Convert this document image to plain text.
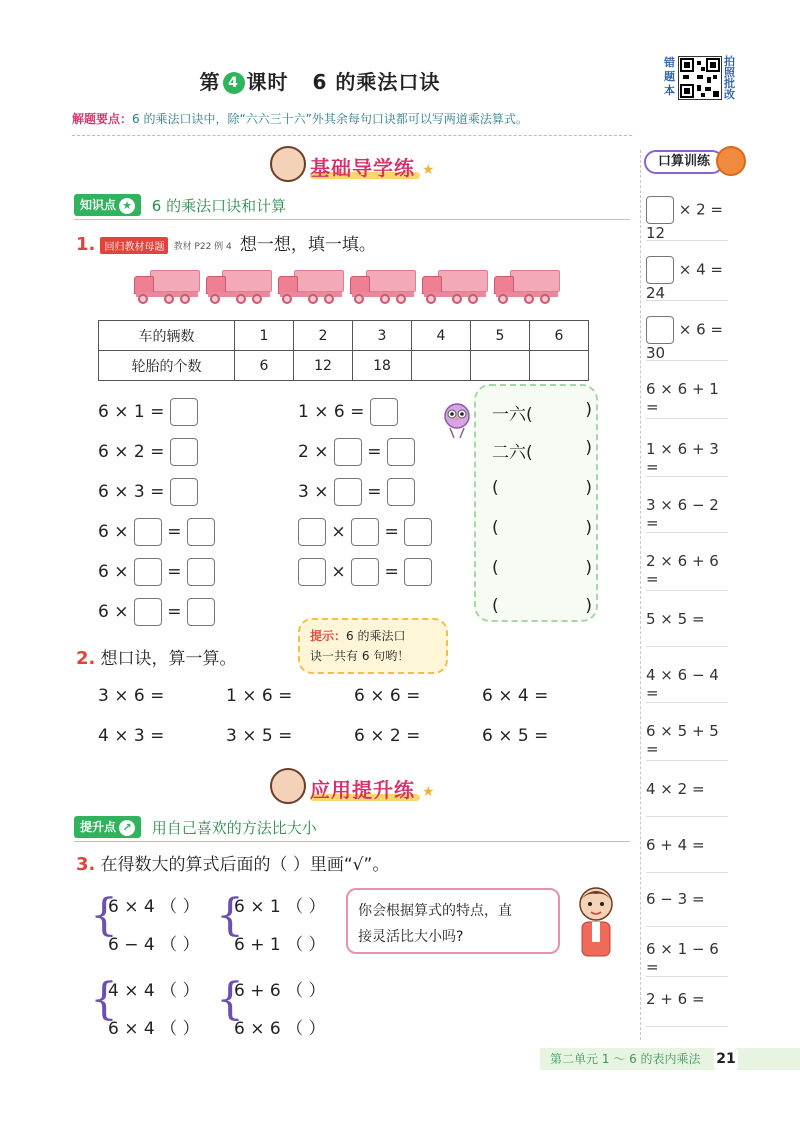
第 4 课时 6 的乘法口诀
错题本
拍照批改
解题要点：6 的乘法口诀中，除“六六三十六”外其余每句口诀都可以写两道乘法算式。
基础导学练 ★
知识点 ★ 6 的乘法口诀和计算
1. 回归教材母题 教材 P22 例 4 想一想，填一填。
车的辆数	1	2	3	4	5	6
轮胎的个数	6	12	18			
6 × 1 =
6 × 2 =
6 × 3 =
6 × =
6 × =
6 × =
1 × 6 =
2 × =
3 × =
× =
× =
一六(	)
二六(	)
(	)
(	)
(	)
(	)
提示：6 的乘法口
诀一共有 6 句哟！
2. 想口诀，算一算。
3 × 6 =	1 × 6 =	6 × 6 =	6 × 4 =
4 × 3 =	3 × 5 =	6 × 2 =	6 × 5 =
应用提升练 ★
提升点 ↗ 用自己喜欢的方法比大小
3. 在得数大的算式后面的（ ）里画“√”。
{
6 × 4 （ ）
6 − 4 （ ）
{
6 × 1 （ ）
6 + 1 （ ）
{
4 × 4 （ ）
6 × 4 （ ）
{
6 + 6 （ ）
6 × 6 （ ）
你会根据算式的特点，直
接灵活比大小吗?
口算训练
× 2 = 12
× 4 = 24
× 6 = 30
6 × 6 + 1 =
1 × 6 + 3 =
3 × 6 − 2 =
2 × 6 + 6 =
5 × 5 =
4 × 6 − 4 =
6 × 5 + 5 =
4 × 2 =
6 + 4 =
6 − 3 =
6 × 1 − 6 =
2 + 6 =
第二单元 1 ～ 6 的表内乘法 21
